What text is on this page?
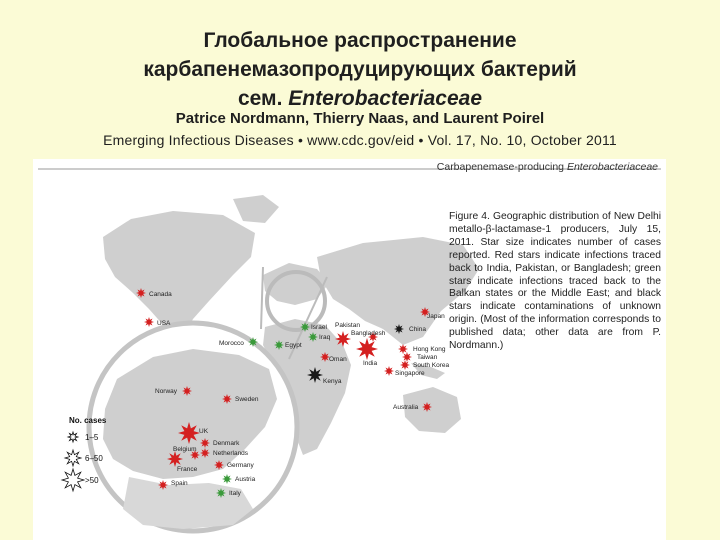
Глобальное распространение
карбапенемазопродуцирующих бактерий
сем. Enterobacteriaceae
Patrice Nordmann, Thierry Naas, and Laurent Poirel
Emerging Infectious Diseases • www.cdc.gov/eid • Vol. 17, No. 10, October 2011
Canada
USA
Morocco
Israel
Iraq
Egypt
Oman
Pakistan
Bangladesh
India
China
Japan
Hong Kong
Taiwan
South Korea
Singapore
Kenya
Australia
Norway
Sweden
UK
Denmark
Netherlands
Germany
Belgium
France
Austria
Italy
Spain
No. cases
1–5
6–50
>50
Carbapenemase-producing Enterobacteriaceae
Figure 4. Geographic distribution of New Delhi metallo-β-lactamase-1 producers, July 15, 2011. Star size indicates number of cases reported. Red stars indicate infections traced back to India, Pakistan, or Bangladesh; green stars indicate infections traced back to the Balkan states or the Middle East; and black stars indicate contaminations of unknown origin. (Most of the information corresponds to published data; other data are from P. Nordmann.)
